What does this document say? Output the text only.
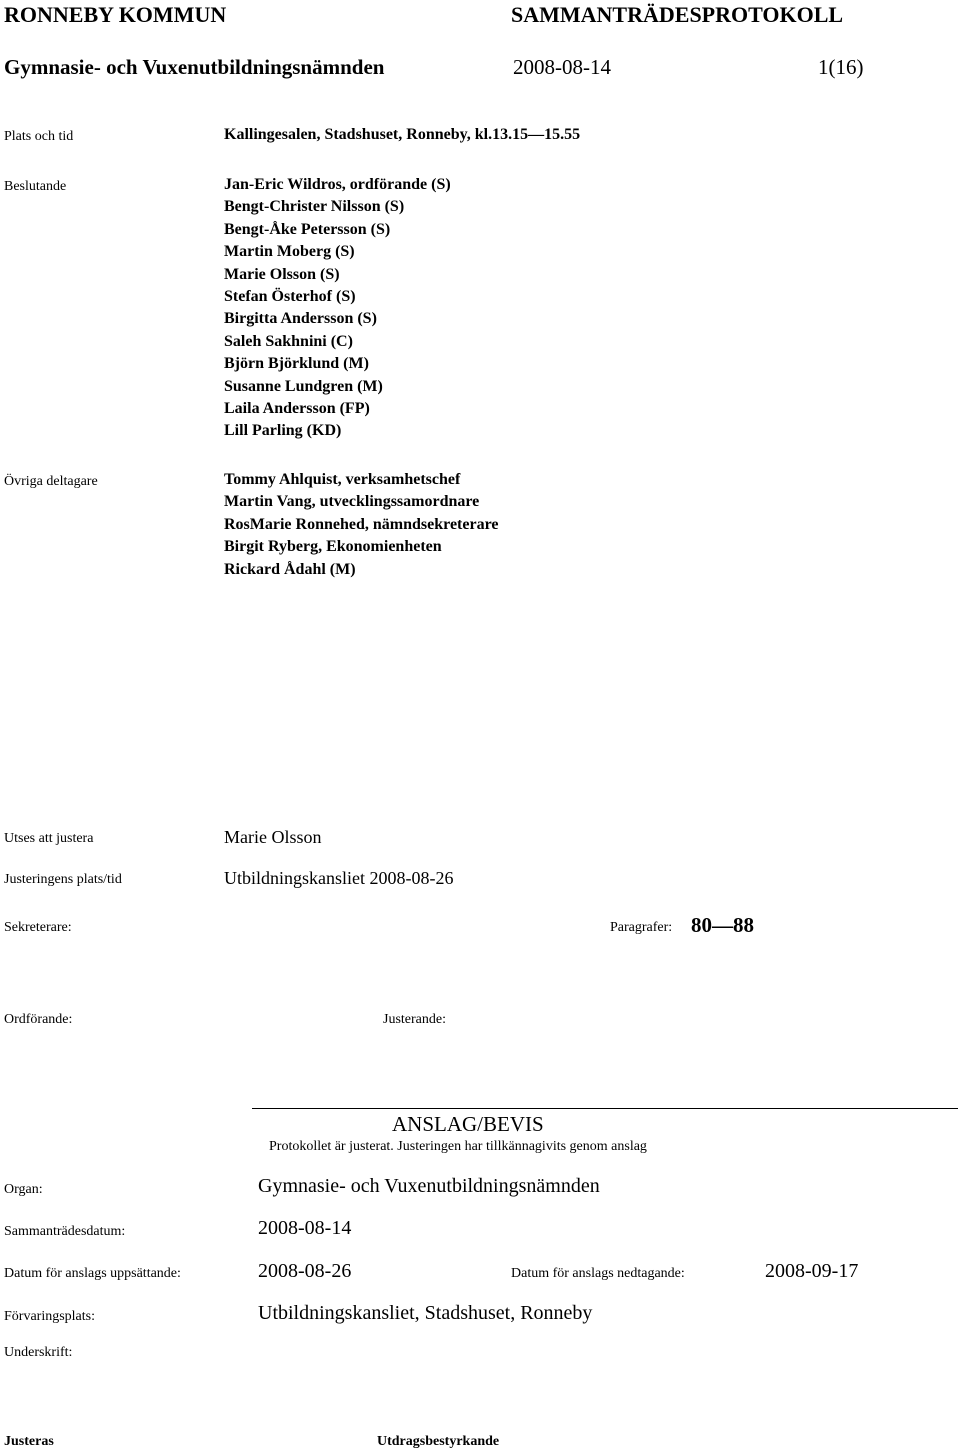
RONNEBY KOMMUN	SAMMANTRÄDESPROTOKOLL
Gymnasie- och Vuxenutbildningsnämnden	2008-08-14	1(16)
Plats och tid	Kallingesalen, Stadshuset, Ronneby, kl.13.15—15.55
Beslutande	Jan-Eric Wildros, ordförande (S)
Bengt-Christer Nilsson (S)
Bengt-Åke Petersson (S)
Martin Moberg (S)
Marie Olsson (S)
Stefan Österhof (S)
Birgitta Andersson (S)
Saleh Sakhnini (C)
Björn Björklund (M)
Susanne Lundgren (M)
Laila Andersson (FP)
Lill Parling (KD)
Övriga deltagare	Tommy Ahlquist, verksamhetschef
Martin Vang, utvecklingssamordnare
RosMarie Ronnehed, nämndsekreterare
Birgit Ryberg, Ekonomienheten
Rickard Ådahl (M)
Utses att justera	Marie Olsson
Justeringens plats/tid	Utbildningskansliet 2008-08-26
Sekreterare:	Paragrafer: 80—88
Ordförande:	Justerande:
ANSLAG/BEVIS
Protokollet är justerat. Justeringen har tillkännagivits genom anslag
Organ:	Gymnasie- och Vuxenutbildningsnämnden
Sammanträdesdatum:	2008-08-14
Datum för anslags uppsättande:	2008-08-26	Datum för anslags nedtagande:	2008-09-17
Förvaringsplats:	Utbildningskansliet, Stadshuset, Ronneby
Underskrift:
Justeras	Utdragsbestyrkande
